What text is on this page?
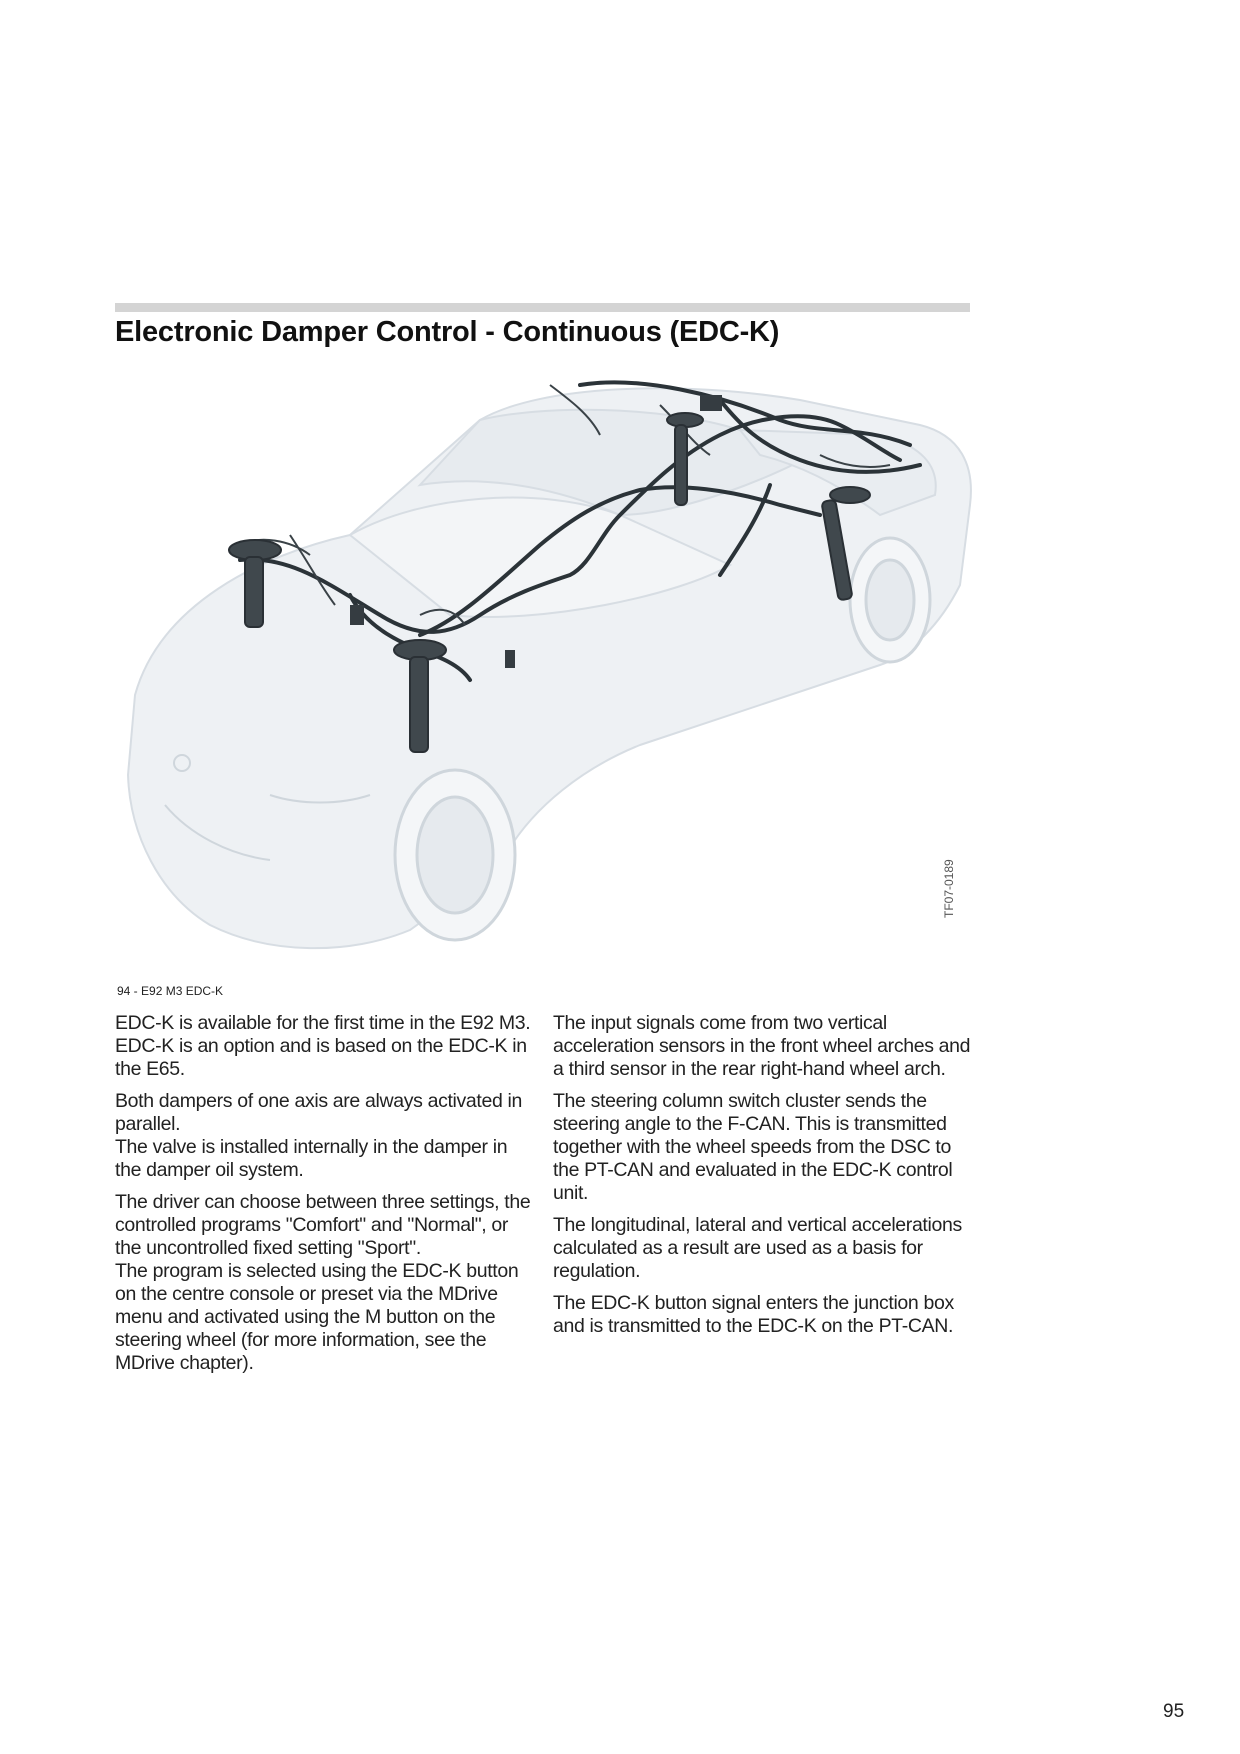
Electronic Damper Control - Continuous (EDC-K)
TF07-0189
94 - E92 M3 EDC-K

EDC-K is available for the first time in the E92 M3. EDC-K is an option and is based on the EDC-K in the E65.

Both dampers of one axis are always activated in parallel.

The valve is installed internally in the damper in the damper oil system.

The driver can choose between three settings, the controlled programs "Comfort" and "Normal", or the uncontrolled fixed setting "Sport".

The program is selected using the EDC-K button on the centre console or preset via the MDrive menu and activated using the M button on the steering wheel (for more information, see the MDrive chapter).

The input signals come from two vertical acceleration sensors in the front wheel arches and a third sensor in the rear right-hand wheel arch.

The steering column switch cluster sends the steering angle to the F-CAN. This is transmitted together with the wheel speeds from the DSC to the PT-CAN and evaluated in the EDC-K control unit.

The longitudinal, lateral and vertical accelerations calculated as a result are used as a basis for regulation.

The EDC-K button signal enters the junction box and is transmitted to the EDC-K on the PT-CAN.

95
